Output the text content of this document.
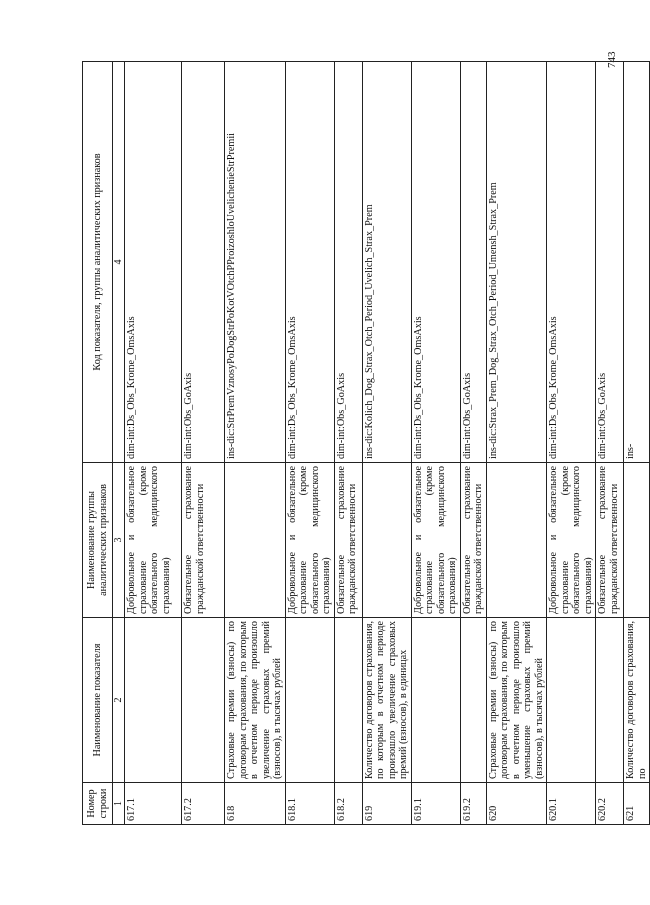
743
Номер строки	Наименование показателя	Наименование группы аналитических признаков	Код показателя, группы аналитических признаков
1	2	3	4
617.1		Добровольное и обязательное страхование (кроме обязательного медицинского страхования)	dim-int:Ds_Obs_Krome_OmsAxis
617.2		Обязательное страхование гражданской ответственности	dim-int:Obs_GoAxis
618	Страховые премии (взносы) по договорам страхования, по которым в отчетном периоде произошло увеличение страховых премий (взносов), в тысячах рублей		ins-dic:StrPremVznosyPoDogStrPoKotVOtchPProizoshloUvelichenieStrPremii
618.1		Добровольное и обязательное страхование (кроме обязательного медицинского страхования)	dim-int:Ds_Obs_Krome_OmsAxis
618.2		Обязательное страхование гражданской ответственности	dim-int:Obs_GoAxis
619	Количество договоров страхования, по которым в отчетном периоде произошло увеличение страховых премий (взносов), в единицах		ins-dic:Kolich_Dog_Strax_Otch_Period_Uvelich_Strax_Prem
619.1		Добровольное и обязательное страхование (кроме обязательного медицинского страхования)	dim-int:Ds_Obs_Krome_OmsAxis
619.2		Обязательное страхование гражданской ответственности	dim-int:Obs_GoAxis
620	Страховые премии (взносы) по договорам страхования, по которым в отчетном периоде произошло уменьшение страховых премий (взносов), в тысячах рублей		ins-dic:Strax_Prem_Dog_Strax_Otch_Period_Umensh_Strax_Prem
620.1		Добровольное и обязательное страхование (кроме обязательного медицинского страхования)	dim-int:Ds_Obs_Krome_OmsAxis
620.2		Обязательное страхование гражданской ответственности	dim-int:Obs_GoAxis
621	Количество договоров страхования, по		ins-
